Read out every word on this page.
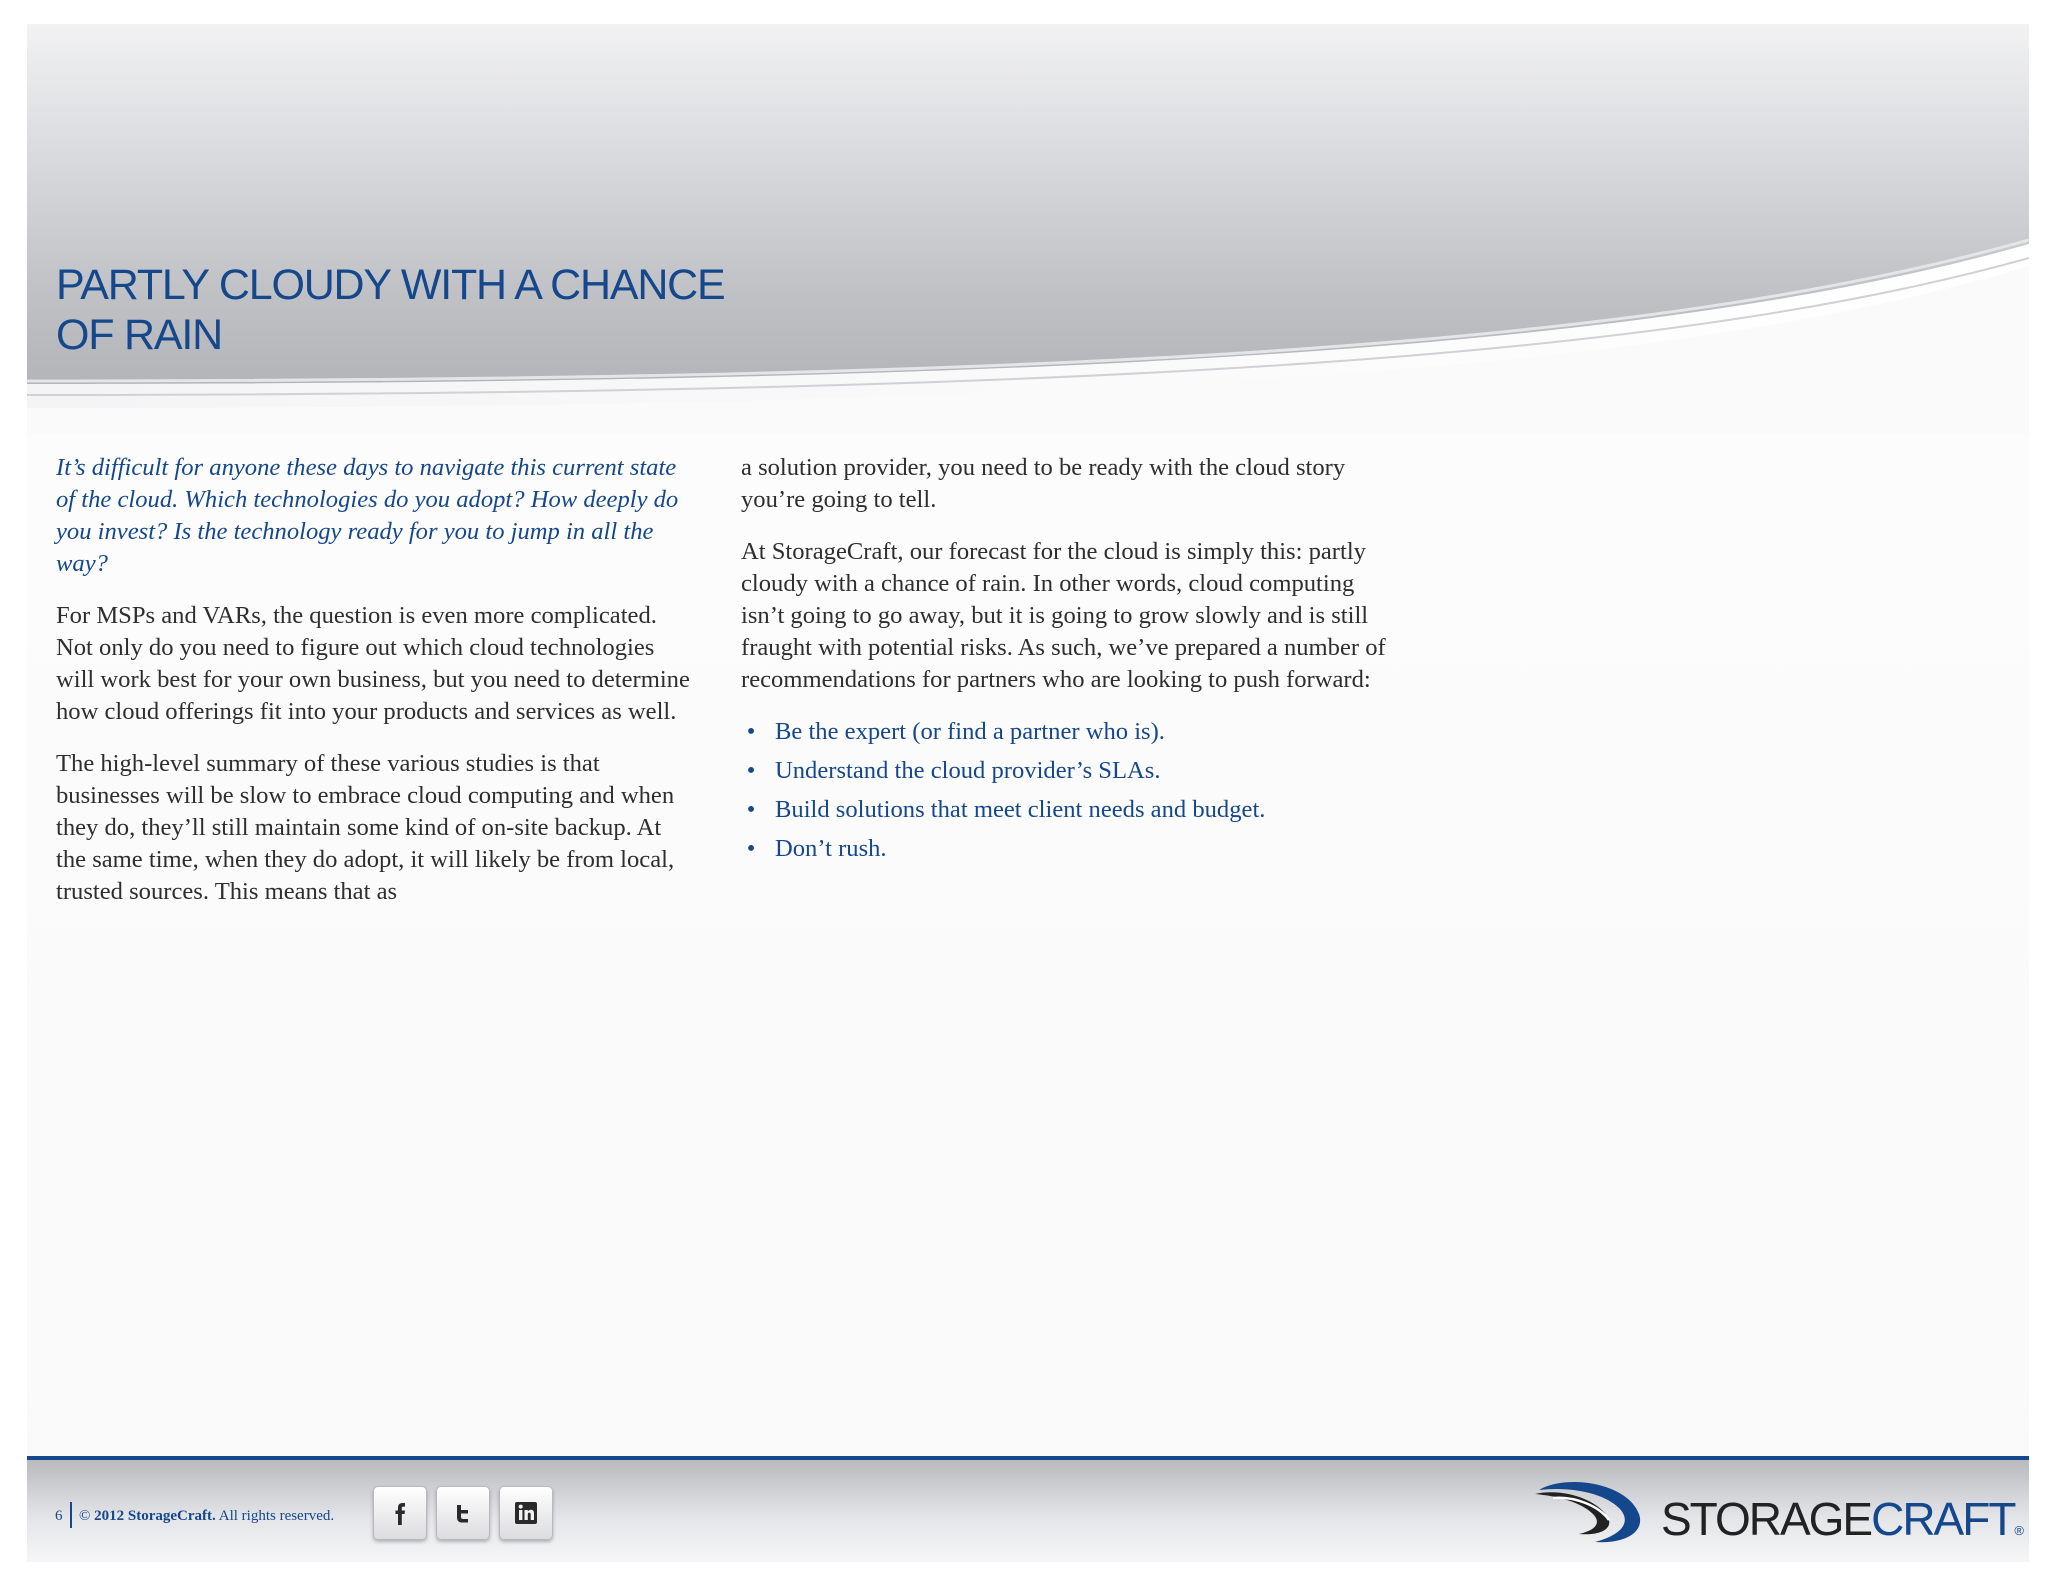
PARTLY CLOUDY WITH A CHANCE
OF RAIN

It’s difficult for anyone these days to navigate this current state of the cloud. Which technologies do you adopt? How deeply do you invest? Is the technology ready for you to jump in all the way?

For MSPs and VARs, the question is even more complicated. Not only do you need to figure out which cloud technologies will work best for your own business, but you need to determine how cloud offerings fit into your products and services as well.

The high-level summary of these various studies is that businesses will be slow to embrace cloud computing and when they do, they’ll still maintain some kind of on-site backup. At the same time, when they do adopt, it will likely be from local, trusted sources. This means that as

a solution provider, you need to be ready with the cloud story you’re going to tell.

At StorageCraft, our forecast for the cloud is simply this: partly cloudy with a chance of rain. In other words, cloud computing isn’t going to go away, but it is going to grow slowly and is still fraught with potential risks. As such, we’ve prepared a number of recommendations for partners who are looking to push forward:

• Be the expert (or find a partner who is).
• Understand the cloud provider’s SLAs.
• Build solutions that meet client needs and budget.
• Don’t rush.
6 © 2012 StorageCraft. All rights reserved.	STORAGECRAFT®
